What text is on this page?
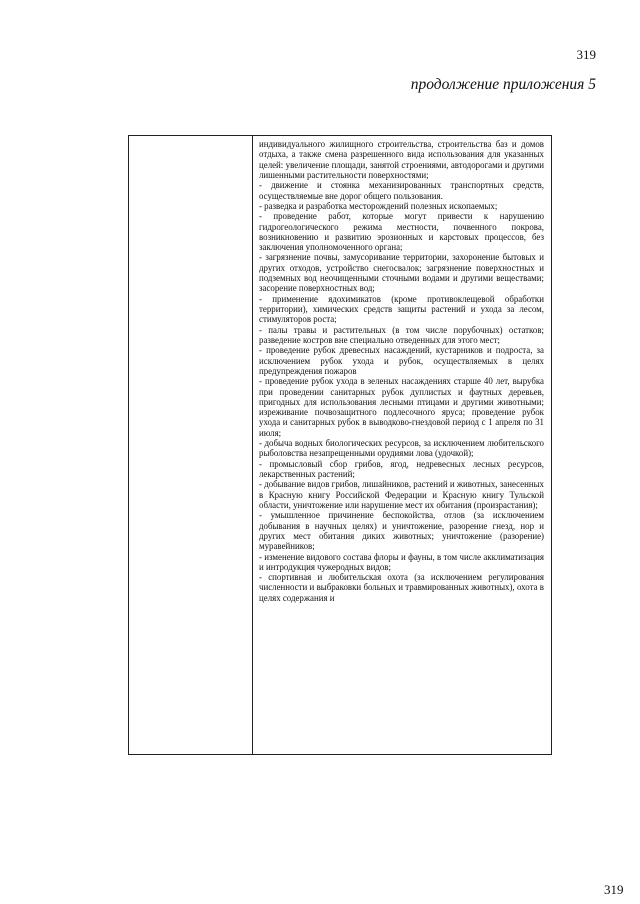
319
продолжение приложения 5

индивидуального жилищного строительства, строительства баз и домов отдыха, а также смена разрешенного вида использования для указанных целей: увеличение площади, занятой строениями, автодорогами и другими лишенными растительности поверхностями;

- движение и стоянка механизированных транспортных средств, осуществляемые вне дорог общего пользования.

- разведка и разработка месторождений полезных ископаемых;

- проведение работ, которые могут привести к нарушению гидрогеологического режима местности, почвенного покрова, возникновению и развитию эрозионных и карстовых процессов, без заключения уполномоченного органа;

- загрязнение почвы, замусоривание территории, захоронение бытовых и других отходов, устройство снегосвалок; загрязнение поверхностных и подземных вод неочищенными сточными водами и другими веществами; засорение поверхностных вод;

- применение ядохимикатов (кроме противоклещевой обработки территории), химических средств защиты растений и ухода за лесом, стимуляторов роста;

- палы травы и растительных (в том числе порубочных) остатков; разведение костров вне специально отведенных для этого мест;

- проведение рубок древесных насаждений, кустарников и подроста, за исключением рубок ухода и рубок, осуществляемых в целях предупреждения пожаров

- проведение рубок ухода в зеленых насаждениях старше 40 лет, вырубка при проведении санитарных рубок дуплистых и фаутных деревьев, пригодных для использования лесными птицами и другими животными; изреживание почвозащитного подлесочного яруса; проведение рубок ухода и санитарных рубок в выводково-гнездовой период с 1 апреля по 31 июля;

- добыча водных биологических ресурсов, за исключением любительского рыболовства незапрещенными орудиями лова (удочкой);

- промысловый сбор грибов, ягод, недревесных лесных ресурсов, лекарственных растений;

- добывание видов грибов, лишайников, растений и животных, занесенных в Красную книгу Российской Федерации и Красную книгу Тульской области, уничтожение или нарушение мест их обитания (произрастания);

- умышленное причинение беспокойства, отлов (за исключением добывания в научных целях) и уничтожение, разорение гнезд, нор и других мест обитания диких животных; уничтожение (разорение) муравейников;

- изменение видового состава флоры и фауны, в том числе акклиматизация и интродукция чужеродных видов;

- спортивная и любительская охота (за исключением регулирования численности и выбраковки больных и травмированных животных), охота в целях содержания и

319
